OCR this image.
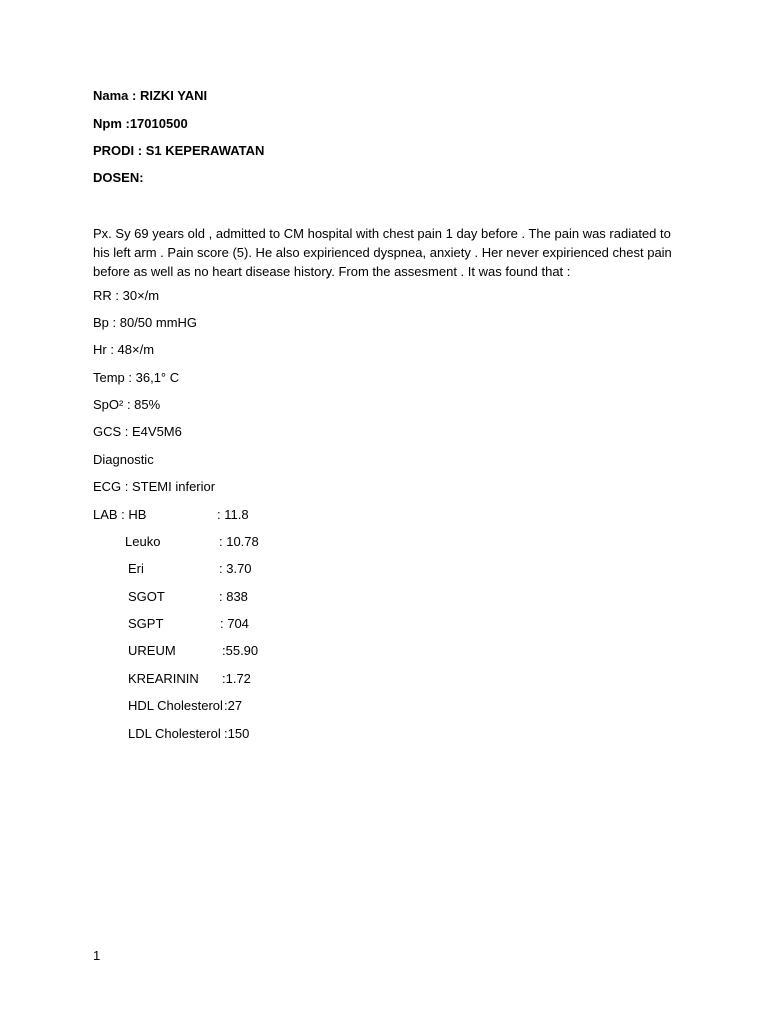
Nama : RIZKI YANI
Npm :17010500
PRODI : S1 KEPERAWATAN
DOSEN:
Px. Sy 69 years old , admitted to CM hospital with chest pain 1 day before . The pain was radiated to his left arm . Pain score (5). He also expirienced dyspnea, anxiety . Her never expirienced chest pain before as well as no heart disease history. From the assesment . It was found that :
RR : 30×/m
Bp : 80/50 mmHG
Hr : 48×/m
Temp : 36,1° C
SpO² : 85%
GCS : E4V5M6
Diagnostic
ECG : STEMI inferior
LAB : HB	: 11.8
Leuko	: 10.78
Eri	: 3.70
SGOT	: 838
SGPT	: 704
UREUM	:55.90
KREARININ :1.72
HDL Cholesterol :27
LDL Cholesterol :150
1
